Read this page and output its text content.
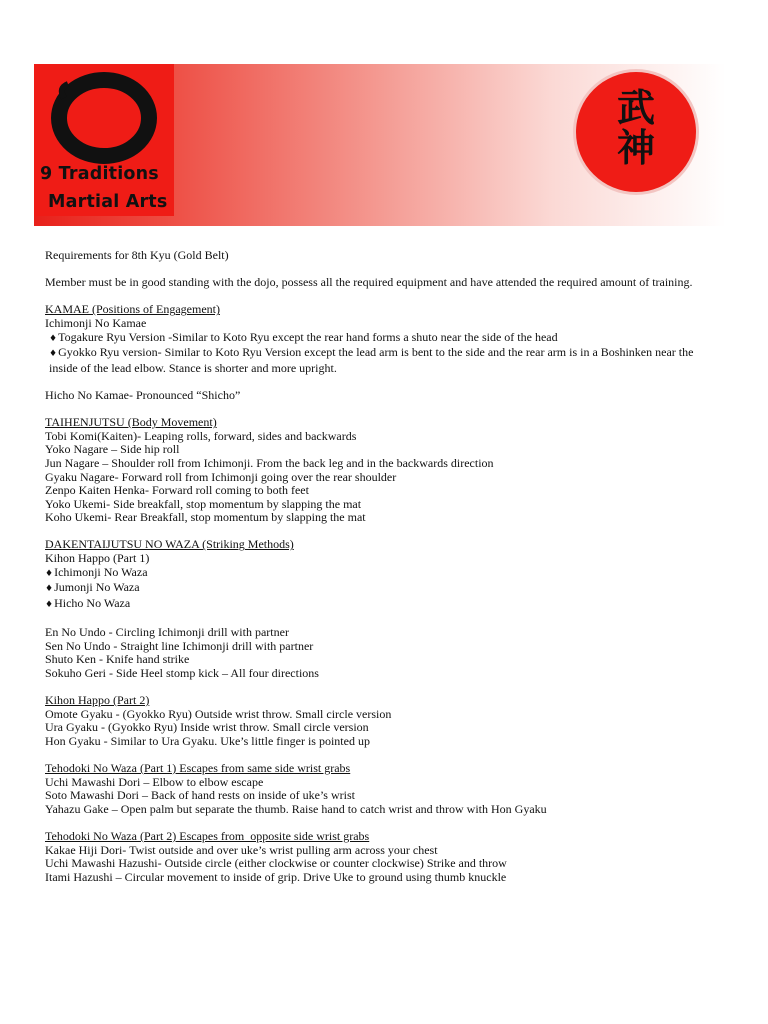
9 Traditions
Martial Arts
武
神

Requirements for 8th Kyu (Gold Belt)

Member must be in good standing with the dojo, possess all the required equipment and have attended the required amount of training.

KAMAE (Positions of Engagement)

Ichimonji No Kamae

♦Togakure Ryu Version -Similar to Koto Ryu except the rear hand forms a shuto near the side of the head

♦Gyokko Ryu version- Similar to Koto Ryu Version except the lead arm is bent to the side and the rear arm is in a Boshinken near the inside of the lead elbow. Stance is shorter and more upright.

Hicho No Kamae- Pronounced “Shicho”

TAIHENJUTSU (Body Movement)

Tobi Komi(Kaiten)- Leaping rolls, forward, sides and backwards

Yoko Nagare – Side hip roll

Jun Nagare – Shoulder roll from Ichimonji. From the back leg and in the backwards direction

Gyaku Nagare- Forward roll from Ichimonji going over the rear shoulder

Zenpo Kaiten Henka- Forward roll coming to both feet

Yoko Ukemi- Side breakfall, stop momentum by slapping the mat

Koho Ukemi- Rear Breakfall, stop momentum by slapping the mat

DAKENTAIJUTSU NO WAZA (Striking Methods)

Kihon Happo (Part 1)

♦Ichimonji No Waza

♦Jumonji No Waza

♦Hicho No Waza

En No Undo - Circling Ichimonji drill with partner

Sen No Undo - Straight line Ichimonji drill with partner

Shuto Ken - Knife hand strike

Sokuho Geri - Side Heel stomp kick – All four directions

Kihon Happo (Part 2)

Omote Gyaku - (Gyokko Ryu) Outside wrist throw. Small circle version

Ura Gyaku - (Gyokko Ryu) Inside wrist throw. Small circle version

Hon Gyaku - Similar to Ura Gyaku. Uke’s little finger is pointed up

Tehodoki No Waza (Part 1) Escapes from same side wrist grabs

Uchi Mawashi Dori – Elbow to elbow escape

Soto Mawashi Dori – Back of hand rests on inside of uke’s wrist

Yahazu Gake – Open palm but separate the thumb. Raise hand to catch wrist and throw with Hon Gyaku

Tehodoki No Waza (Part 2) Escapes from  opposite side wrist grabs

Kakae Hiji Dori- Twist outside and over uke’s wrist pulling arm across your chest

Uchi Mawashi Hazushi- Outside circle (either clockwise or counter clockwise) Strike and throw

Itami Hazushi – Circular movement to inside of grip. Drive Uke to ground using thumb knuckle
